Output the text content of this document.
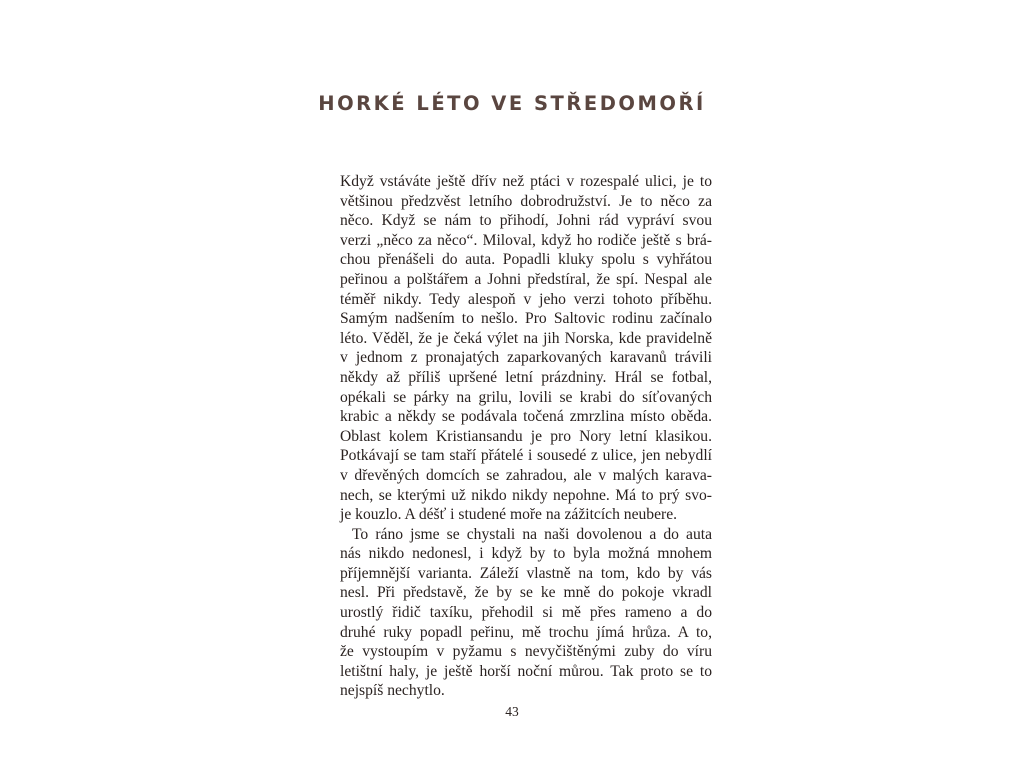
HORKÉ LÉTO VE STŘEDOMOŘÍ

Když vstáváte ještě dřív než ptáci v rozespalé ulici, je to
většinou předzvěst letního dobrodružství. Je to něco za
něco. Když se nám to přihodí, Johni rád vypráví svou
verzi „něco za něco“. Miloval, když ho rodiče ještě s brá-
chou přenášeli do auta. Popadli kluky spolu s vyhřátou
peřinou a polštářem a Johni předstíral, že spí. Nespal ale
téměř nikdy. Tedy alespoň v jeho verzi tohoto příběhu.
Samým nadšením to nešlo. Pro Saltovic rodinu začínalo
léto. Věděl, že je čeká výlet na jih Norska, kde pravidelně
v jednom z pronajatých zaparkovaných karavanů trávili
někdy až příliš upršené letní prázdniny. Hrál se fotbal,
opékali se párky na grilu, lovili se krabi do síťovaných
krabic a někdy se podávala točená zmrzlina místo oběda.
Oblast kolem Kristiansandu je pro Nory letní klasikou.
Potkávají se tam staří přátelé i sousedé z ulice, jen nebydlí
v dřevěných domcích se zahradou, ale v malých karava-
nech, se kterými už nikdo nikdy nepohne. Má to prý svo-
je kouzlo. A déšť i studené moře na zážitcích neubere.

To ráno jsme se chystali na naši dovolenou a do auta
nás nikdo nedonesl, i když by to byla možná mnohem
příjemnější varianta. Záleží vlastně na tom, kdo by vás
nesl. Při představě, že by se ke mně do pokoje vkradl
urostlý řidič taxíku, přehodil si mě přes rameno a do
druhé ruky popadl peřinu, mě trochu jímá hrůza. A to,
že vystoupím v pyžamu s nevyčištěnými zuby do víru
letištní haly, je ještě horší noční můrou. Tak proto se to
nejspíš nechytlo.

43
